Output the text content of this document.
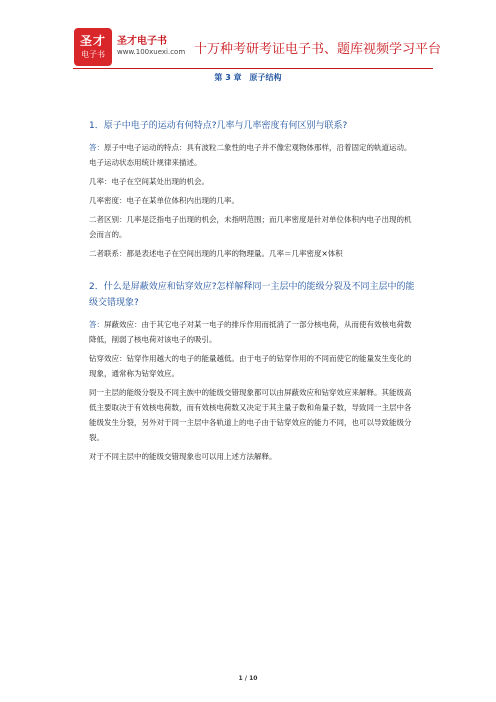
圣才
电子书
圣才电子书
www.100xuexi.com 十万种考研考证电子书、题库视频学习平台
第 3 章　原子结构

1．原子中电子的运动有何特点?几率与几率密度有何区别与联系?

答：原子中电子运动的特点：具有波粒二象性的电子并不像宏观物体那样，沿着固定的轨道运动。电子运动状态用统计规律来描述。

几率：电子在空间某处出现的机会。

几率密度：电子在某单位体积内出现的几率。

二者区别：几率是泛指电子出现的机会，未指明范围；而几率密度是针对单位体积内电子出现的机会而言的。

二者联系：都是表述电子在空间出现的几率的物理量。几率＝几率密度×体积

2．什么是屏蔽效应和钻穿效应?怎样解释同一主层中的能级分裂及不同主层中的能级交错现象?

答：屏蔽效应：由于其它电子对某一电子的排斥作用而抵消了一部分核电荷，从而使有效核电荷数降低，削弱了核电荷对该电子的吸引。

钻穿效应：钻穿作用越大的电子的能量越低。由于电子的钻穿作用的不同而使它的能量发生变化的现象，通常称为钻穿效应。

同一主层的能级分裂及不同主族中的能级交错现象都可以由屏蔽效应和钻穿效应来解释。其能级高低主要取决于有效核电荷数，而有效核电荷数又决定于其主量子数和角量子数，导致同一主层中各能级发生分裂，另外对于同一主层中各轨道上的电子由于钻穿效应的能力不同，也可以导致能级分裂。

对于不同主层中的能级交错现象也可以用上述方法解释。

1 / 10
